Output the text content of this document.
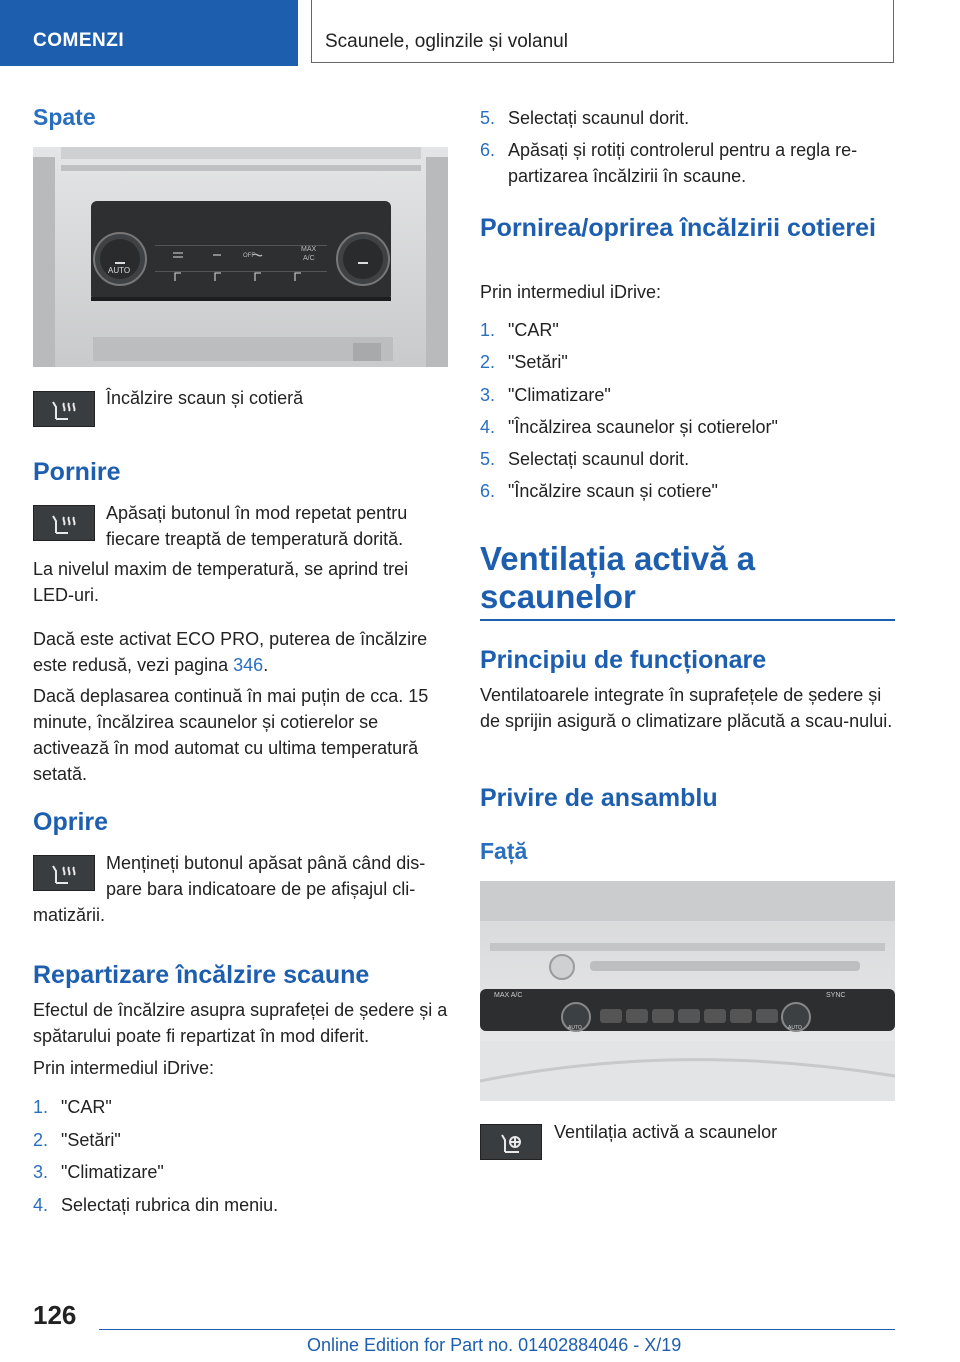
COMENZI	Scaunele, oglinzile și volanul
Spate
AUTO
OFF
MAX
A/C
Încălzire scaun și cotieră
Pornire
Apăsați butonul în mod repetat pentru fiecare treaptă de temperatură dorită.
La nivelul maxim de temperatură, se aprind trei LED-uri.
Dacă este activat ECO PRO, puterea de încălzire este redusă, vezi pagina 346.
Dacă deplasarea continuă în mai puțin de cca. 15 minute, încălzirea scaunelor și cotierelor se activează în mod automat cu ultima temperatură setată.
Oprire
Mențineți butonul apăsat până când dis-
pare bara indicatoare de pe afișajul cli-
matizării.
Repartizare încălzire scaune
Efectul de încălzire asupra suprafeței de ședere și a spătarului poate fi repartizat în mod diferit.
Prin intermediul iDrive:
1. "CAR"
2. "Setări"
3. "Climatizare"
4. Selectați rubrica din meniu.
5. Selectați scaunul dorit.
6. Apăsați și rotiți controlerul pentru a regla re-
partizarea încălzirii în scaune.
Pornirea/oprirea încălzirii cotierei
Prin intermediul iDrive:
1. "CAR"
2. "Setări"
3. "Climatizare"
4. "Încălzirea scaunelor și cotierelor"
5. Selectați scaunul dorit.
6. "Încălzire scaun și cotiere"
Ventilația activă a scaunelor
Principiu de funcționare
Ventilatoarele integrate în suprafețele de ședere și de sprijin asigură o climatizare plăcută a scau-nului.
Privire de ansamblu
Față
MAX A/C	SYNC
AUTO	AUTO
Ventilația activă a scaunelor
126
Online Edition for Part no. 01402884046 - X/19
